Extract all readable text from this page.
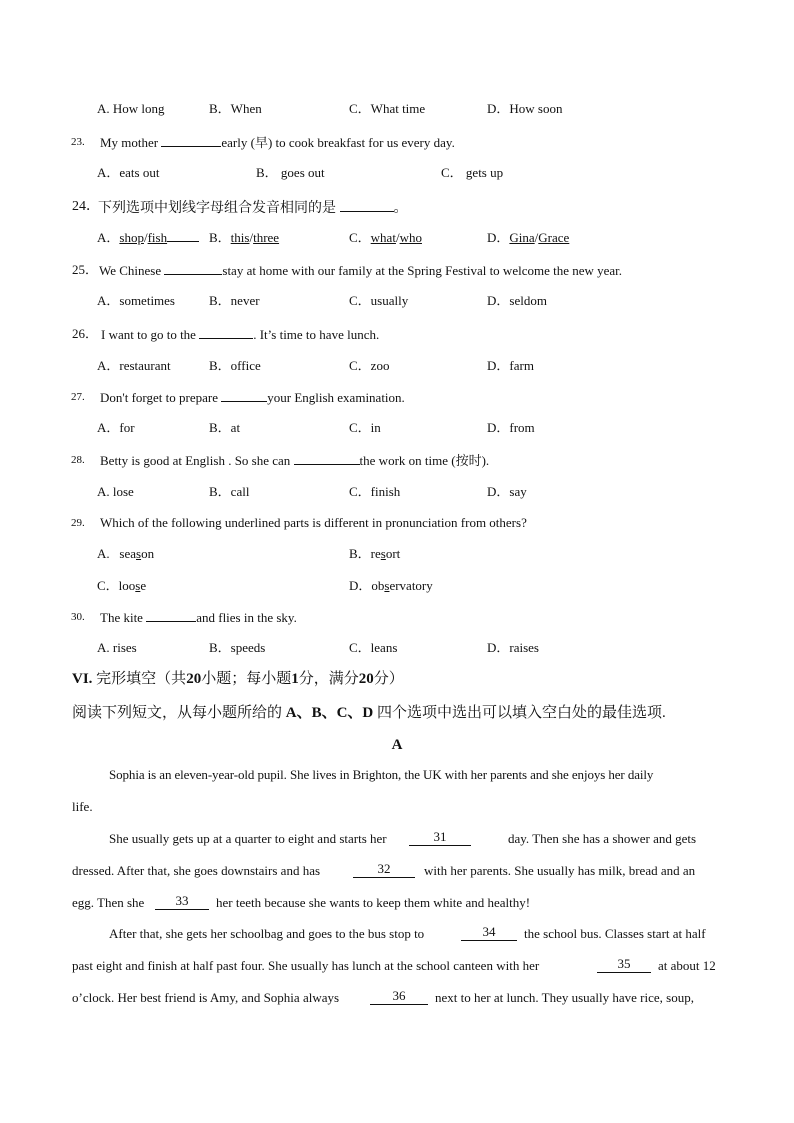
A. How long	B．When	C．What time	D．How soon
23. My mother	early (早) to cook breakfast for us every day.
A．eats out	B． goes out	C． gets up
24．
下列选项中划线字母组合发音相同的是	。
A．shop/fish	B．this/three	C．what/who	D．Gina/Grace
25． We Chinese	stay at home with our family at the Spring Festival to welcome the new year.
A．sometimes	B．never	C．usually	D．seldom
26． I want to go to the	. It’s time to have lunch.
A．restaurant	B．office	C．zoo	D．farm
27. Don't forget to prepare	your English examination.
A．for	B．at	C．in	D．from
28. Betty is good at English . So she can	the work on time (按时).
A. lose	B．call	C．finish	D．say
29. Which of the following underlined parts is different in pronunciation from others?
A.   season	B．resort
C．loose	D．observatory
30. The kite	and flies in the sky.
A. rises	B．speeds	C．leans	D．raises
VI. 完形填空（共20小题；每小题1分，满分20分）
阅读下列短文，从每小题所给的 A、B、C、D 四个选项中选出可以填入空白处的最佳选项.
A
Sophia is an eleven-year-old pupil. She lives in Brighton, the UK with her parents and she enjoys her daily
life.
She usually gets up at a quarter to eight and starts her	31	day. Then she has a shower and gets
dressed. After that, she goes downstairs and has	32	with her parents. She usually has milk, bread and an
egg. Then she	33	her teeth because she wants to keep them white and healthy!
After that, she gets her schoolbag and goes to the bus stop to	34	the school bus. Classes start at half
past eight and finish at half past four. She usually has lunch at the school canteen with her	35	at about 12
o’clock. Her best friend is Amy, and Sophia always	36	next to her at lunch. They usually have rice, soup,
